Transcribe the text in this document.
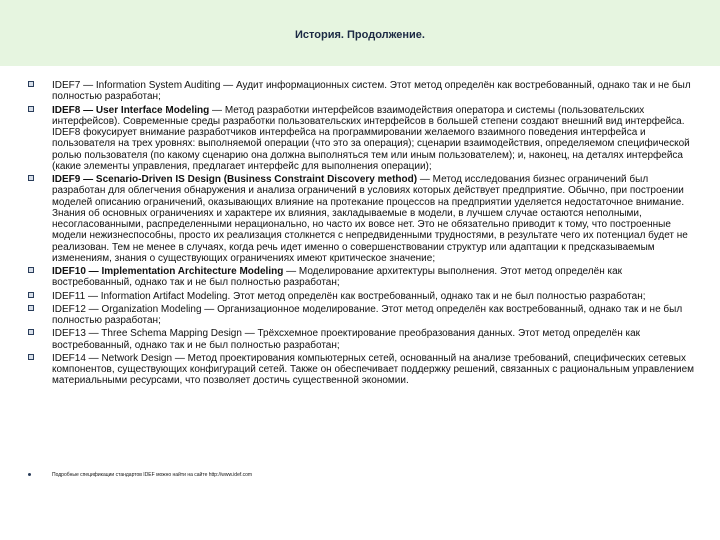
История. Продолжение.
IDEF7 — Information System Auditing — Аудит информационных систем. Этот метод определён как востребованный, однако так и не был полностью разработан;
IDEF8 — User Interface Modeling — Метод разработки интерфейсов взаимодействия оператора и системы (пользовательских интерфейсов). Современные среды разработки пользовательских интерфейсов в большей степени создают внешний вид интерфейса. IDEF8 фокусирует внимание разработчиков интерфейса на программировании желаемого взаимного поведения интерфейса и пользователя на трех уровнях: выполняемой операции (что это за операция); сценарии взаимодействия, определяемом специфической ролью пользователя (по какому сценарию она должна выполняться тем или иным пользователем); и, наконец, на деталях интерфейса (какие элементы управления, предлагает интерфейс для выполнения операции);
IDEF9 — Scenario-Driven IS Design (Business Constraint Discovery method) — Метод исследования бизнес ограничений был разработан для облегчения обнаружения и анализа ограничений в условиях которых действует предприятие. Обычно, при построении моделей описанию ограничений, оказывающих влияние на протекание процессов на предприятии уделяется недостаточное внимание. Знания об основных ограничениях и характере их влияния, закладываемые в модели, в лучшем случае остаются неполными, несогласованными, распределенными нерационально, но часто их вовсе нет. Это не обязательно приводит к тому, что построенные модели нежизнеспособны, просто их реализация столкнется с непредвиденными трудностями, в результате чего их потенциал будет не реализован. Тем не менее в случаях, когда речь идет именно о совершенствовании структур или адаптации к предсказываемым изменениям, знания о существующих ограничениях имеют критическое значение;
IDEF10 — Implementation Architecture Modeling — Моделирование архитектуры выполнения. Этот метод определён как востребованный, однако так и не был полностью разработан;
IDEF11 — Information Artifact Modeling. Этот метод определён как востребованный, однако так и не был полностью разработан;
IDEF12 — Organization Modeling — Организационное моделирование. Этот метод определён как востребованный, однако так и не был полностью разработан;
IDEF13 — Three Schema Mapping Design — Трёхсхемное проектирование преобразования данных. Этот метод определён как востребованный, однако так и не был полностью разработан;
IDEF14 — Network Design — Метод проектирования компьютерных сетей, основанный на анализе требований, специфических сетевых компонентов, существующих конфигураций сетей. Также он обеспечивает поддержку решений, связанных с рациональным управлением материальными ресурсами, что позволяет достичь существенной экономии.
Подробные спецификации стандартов IDEF можно найти на сайте http://www.idef.com
